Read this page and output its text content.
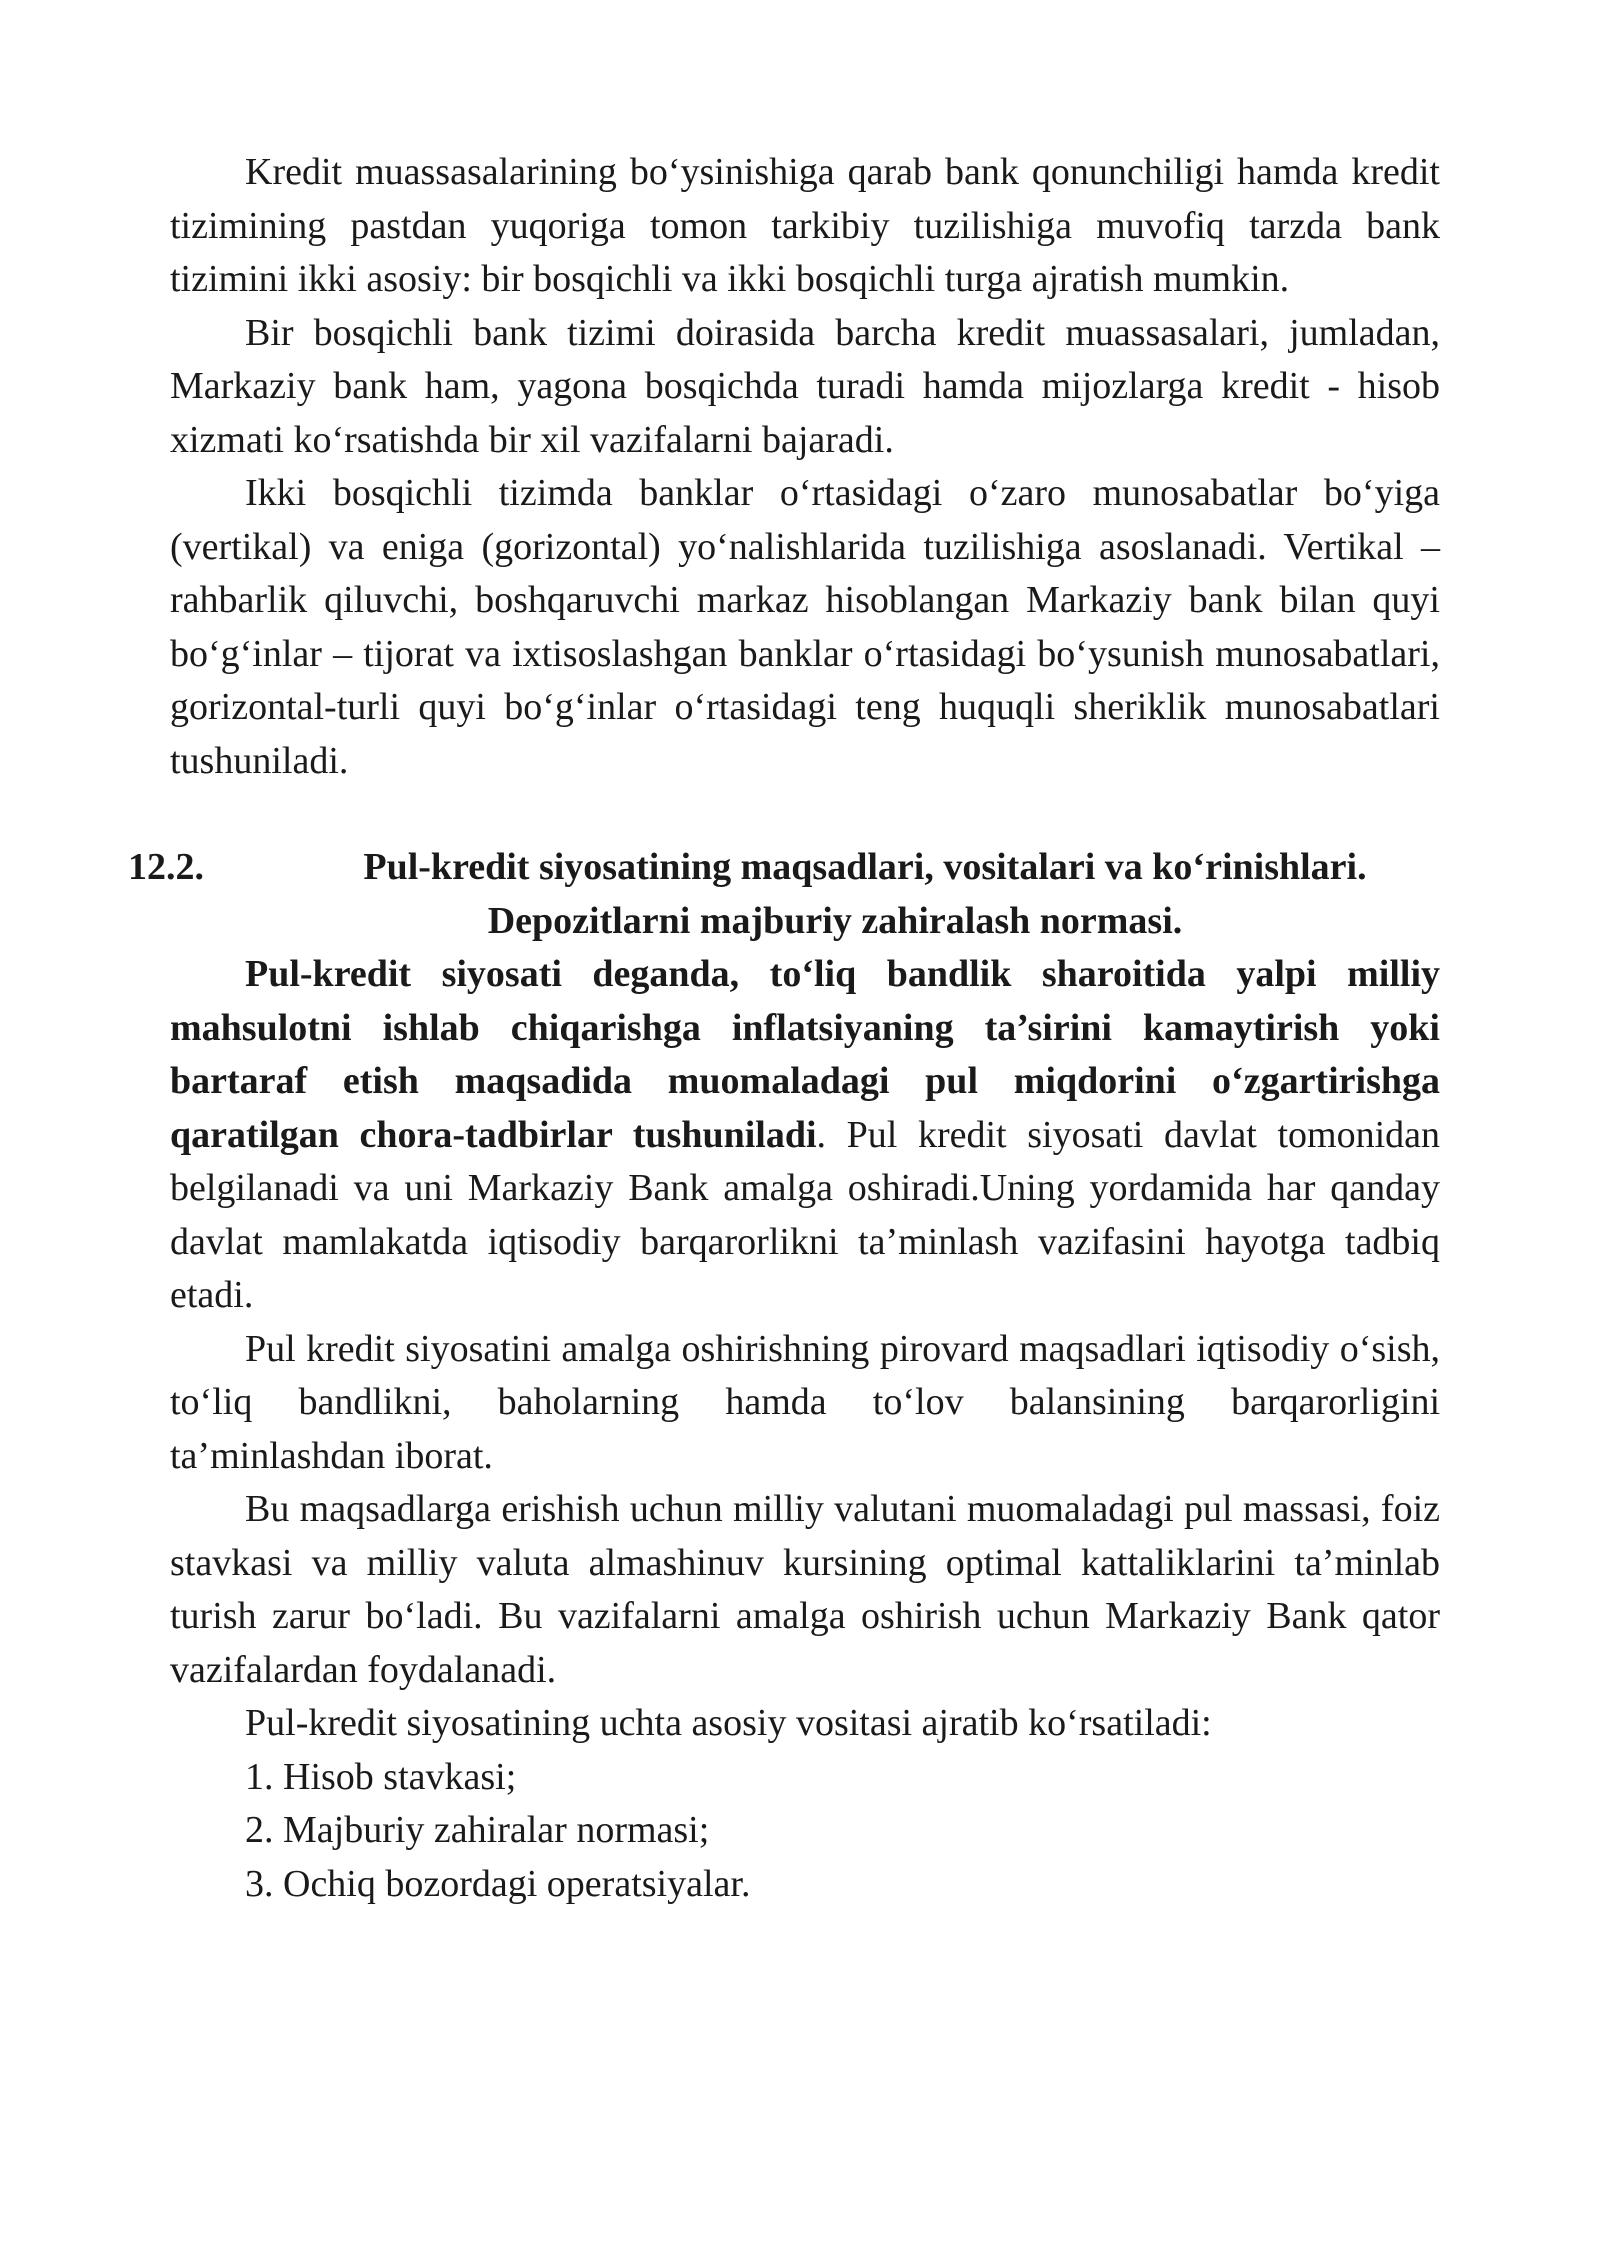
Kredit muassasalarining bo‘ysinishiga qarab bank qonunchiligi hamda kredit tizimining pastdan yuqoriga tomon tarkibiy tuzilishiga muvofiq tarzda bank tizimini ikki asosiy: bir bosqichli va ikki bosqichli turga ajratish mumkin.

Bir bosqichli bank tizimi doirasida barcha kredit muassasalari, jumladan, Markaziy bank ham, yagona bosqichda turadi hamda mijozlarga kredit - hisob xizmati ko‘rsatishda bir xil vazifalarni bajaradi.

Ikki bosqichli tizimda banklar o‘rtasidagi o‘zaro munosabatlar bo‘yiga (vertikal) va eniga (gorizontal) yo‘nalishlarida tuzilishiga asoslanadi. Vertikal – rahbarlik qiluvchi, boshqaruvchi markaz hisoblangan Markaziy bank bilan quyi bo‘g‘inlar – tijorat va ixtisoslashgan banklar o‘rtasidagi bo‘ysunish munosabatlari, gorizontal-turli quyi bo‘g‘inlar o‘rtasidagi teng huquqli sheriklik munosabatlari tushuniladi.

12.2.	Pul-kredit siyosatining maqsadlari, vositalari va ko‘rinishlari.
Depozitlarni majburiy zahiralash normasi.

Pul-kredit siyosati deganda, to‘liq bandlik sharoitida yalpi milliy mahsulotni ishlab chiqarishga inflatsiyaning ta’sirini kamaytirish yoki bartaraf etish maqsadida muomaladagi pul miqdorini o‘zgartirishga qaratilgan chora-tadbirlar tushuniladi. Pul kredit siyosati davlat tomonidan belgilanadi va uni Markaziy Bank amalga oshiradi.Uning yordamida har qanday davlat mamlakatda iqtisodiy barqarorlikni ta’minlash vazifasini hayotga tadbiq etadi.

Pul kredit siyosatini amalga oshirishning pirovard maqsadlari iqtisodiy o‘sish, to‘liq bandlikni, baholarning hamda to‘lov balansining barqarorligini ta’minlashdan iborat.

Bu maqsadlarga erishish uchun milliy valutani muomaladagi pul massasi, foiz stavkasi va milliy valuta almashinuv kursining optimal kattaliklarini ta’minlab turish zarur bo‘ladi. Bu vazifalarni amalga oshirish uchun Markaziy Bank qator vazifalardan foydalanadi.

Pul-kredit siyosatining uchta asosiy vositasi ajratib ko‘rsatiladi:

1. Hisob stavkasi;

2. Majburiy zahiralar normasi;

3. Ochiq bozordagi operatsiyalar.
